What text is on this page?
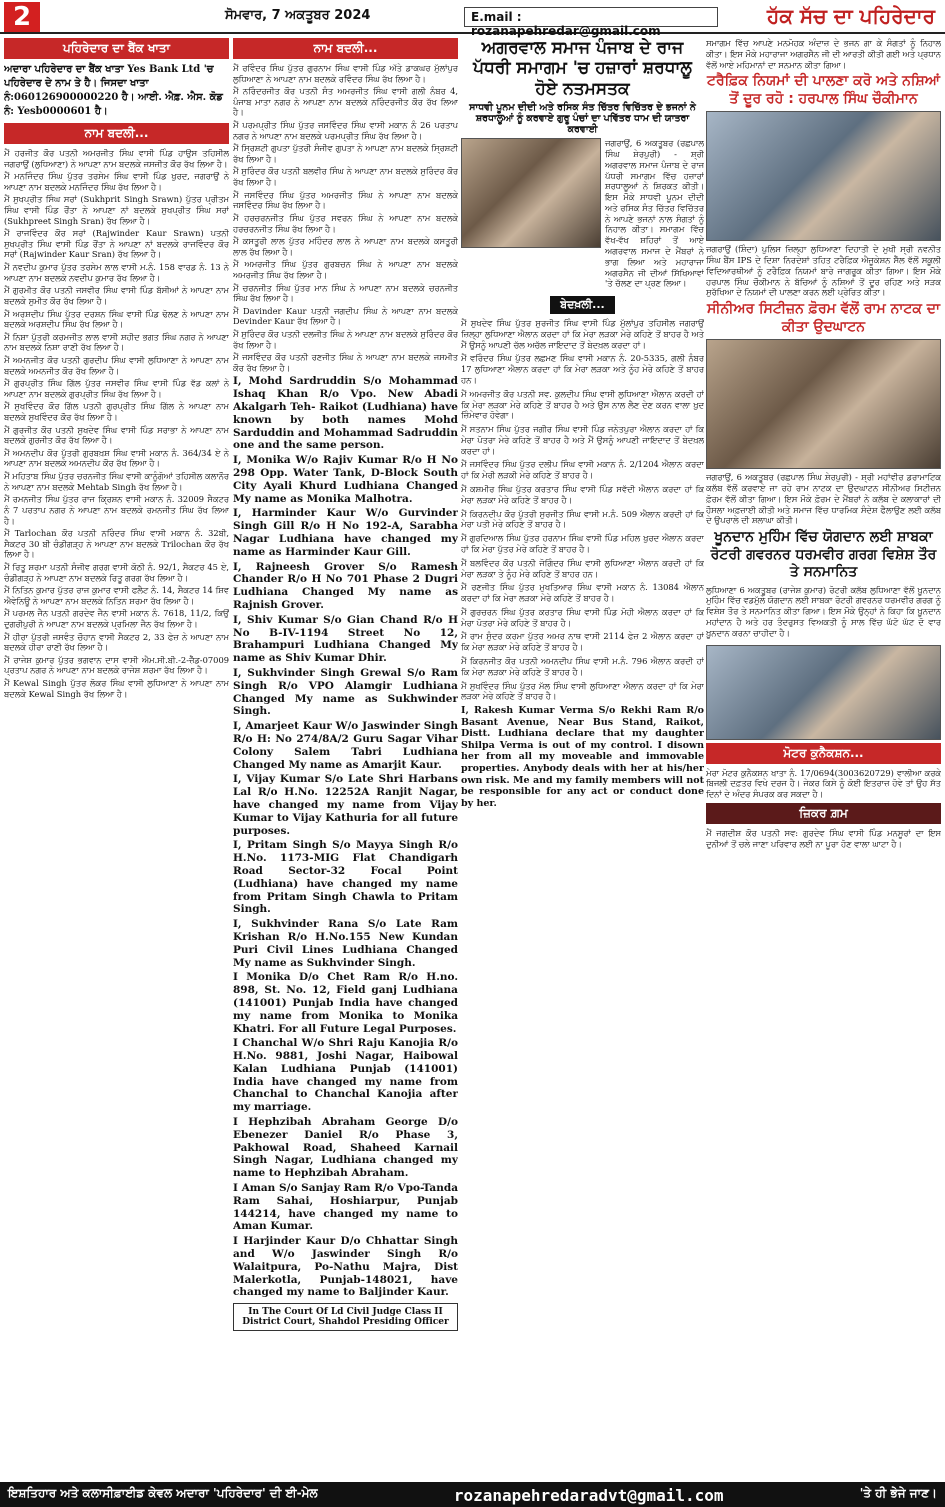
2	ਸੋਮਵਾਰ, 7 ਅਕਤੂਬਰ 2024	E.mail : rozanapehredar@gmail.com
ਹੱਕ ਸੱਚ ਦਾ ਪਹਿਰੇਦਾਰ
ਪਹਿਰੇਦਾਰ ਦਾ ਬੈਂਕ ਖਾਤਾ
ਅਦਾਰਾ ਪਹਿਰੇਦਾਰ ਦਾ ਬੈਂਕ ਖਾਤਾ Yes Bank Ltd 'ਚ ਪਹਿਰੇਦਾਰ ਦੇ ਨਾਮ ਤੇ ਹੈ। ਜਿਸਦਾ ਖਾਤਾ ਨੰ:060126900000220 ਹੈ। ਆਈ. ਐਫ਼. ਐਸ. ਕੋਡ ਨੰ: Yesb0000601 ਹੈ।
ਨਾਮ ਬਦਲੀ...
ਮੈਂ ਹਰਜੀਤ ਕੌਰ ਪਤਨੀ ਅਮਰਜੀਤ ਸਿੰਘ ਵਾਸੀ ਪਿੰਡ ਹਾਉਸ ਤਹਿਸੀਲ ਜਗਰਾਉਂ (ਲੁਧਿਆਣਾ) ਨੇ ਆਪਣਾ ਨਾਮ ਬਦਲਕੇ ਜਸਜੀਤ ਕੌਰ ਰੱਖ ਲਿਆ ਹੈ।
ਮੈਂ ਮਨਜਿੰਦਰ ਸਿੰਘ ਪੁੱਤਰ ਤਰਸੇਮ ਸਿੰਘ ਵਾਸੀ ਪਿੰਡ ਖੁਰਦ, ਜਗਰਾਉਂ ਨੇ ਆਪਣਾ ਨਾਮ ਬਦਲਕੇ ਮਨਜਿੰਦਰ ਸਿੰਘ ਰੱਖ ਲਿਆ ਹੈ।
ਮੈਂ ਸੁਖਪ੍ਰੀਤ ਸਿੰਘ ਸਰਾਂ (Sukhprit Singh Srawn) ਪੁੱਤਰ ਪ੍ਰੀਤਮ ਸਿੰਘ ਵਾਸੀ ਪਿੰਡ ਰੌਂਤਾ ਨੇ ਆਪਣਾ ਨਾਂ ਬਦਲਕੇ ਸੁਖਪ੍ਰੀਤ ਸਿੰਘ ਸਰਾਂ (Sukhpreet Singh Sran) ਰੱਖ ਲਿਆ ਹੈ।
ਮੈਂ ਰਾਜਵਿੰਦਰ ਕੌਰ ਸਰਾਂ (Rajwinder Kaur Srawn) ਪਤਨੀ ਸੁਖਪ੍ਰੀਤ ਸਿੰਘ ਵਾਸੀ ਪਿੰਡ ਰੌਂਤਾ ਨੇ ਆਪਣਾ ਨਾਂ ਬਦਲਕੇ ਰਾਜਵਿੰਦਰ ਕੌਰ ਸਰਾਂ (Rajwinder Kaur Sran) ਰੱਖ ਲਿਆ ਹੈ।
ਮੈਂ ਨਵਦੀਪ ਕੁਮਾਰ ਪੁੱਤਰ ਤਰਸੇਮ ਲਾਲ ਵਾਸੀ ਮ.ਨੰ. 158 ਵਾਰਡ ਨੰ. 13 ਨੇ ਆਪਣਾ ਨਾਮ ਬਦਲਕੇ ਨਵਦੀਪ ਕੁਮਾਰ ਰੱਖ ਲਿਆ ਹੈ।
ਮੈਂ ਗੁਰਮੀਤ ਕੌਰ ਪਤਨੀ ਜਸਵੀਰ ਸਿੰਘ ਵਾਸੀ ਪਿੰਡ ਬੱਸੀਆਂ ਨੇ ਆਪਣਾ ਨਾਮ ਬਦਲਕੇ ਸੁਮੀਤ ਕੌਰ ਰੱਖ ਲਿਆ ਹੈ।
ਮੈਂ ਅਰਸ਼ਦੀਪ ਸਿੰਘ ਪੁੱਤਰ ਦਰਸ਼ਨ ਸਿੰਘ ਵਾਸੀ ਪਿੰਡ ਢੋਲਣ ਨੇ ਆਪਣਾ ਨਾਮ ਬਦਲਕੇ ਅਰਸ਼ਦੀਪ ਸਿੰਘ ਰੱਖ ਲਿਆ ਹੈ।
ਮੈਂ ਨਿਸ਼ਾ ਪੁੱਤਰੀ ਕਰਮਜੀਤ ਲਾਲ ਵਾਸੀ ਸ਼ਹੀਦ ਭਗਤ ਸਿੰਘ ਨਗਰ ਨੇ ਆਪਣਾ ਨਾਮ ਬਦਲਕੇ ਨਿਸ਼ਾ ਰਾਣੀ ਰੱਖ ਲਿਆ ਹੈ।
ਮੈਂ ਅਮਨਜੀਤ ਕੌਰ ਪਤਨੀ ਗੁਰਦੀਪ ਸਿੰਘ ਵਾਸੀ ਲੁਧਿਆਣਾ ਨੇ ਆਪਣਾ ਨਾਮ ਬਦਲਕੇ ਅਮਨਜੀਤ ਕੌਰ ਰੱਖ ਲਿਆ ਹੈ।
ਮੈਂ ਗੁਰਪ੍ਰੀਤ ਸਿੰਘ ਗਿੱਲ ਪੁੱਤਰ ਜਸਵੀਰ ਸਿੰਘ ਵਾਸੀ ਪਿੰਡ ਵੱਡ ਕਲਾਂ ਨੇ ਆਪਣਾ ਨਾਮ ਬਦਲਕੇ ਗੁਰਪ੍ਰੀਤ ਸਿੰਘ ਰੱਖ ਲਿਆ ਹੈ।
ਮੈਂ ਸੁਖਵਿੰਦਰ ਕੌਰ ਗਿੱਲ ਪਤਨੀ ਗੁਰਪ੍ਰੀਤ ਸਿੰਘ ਗਿੱਲ ਨੇ ਆਪਣਾ ਨਾਮ ਬਦਲਕੇ ਸੁਖਵਿੰਦਰ ਕੌਰ ਰੱਖ ਲਿਆ ਹੈ।
ਮੈਂ ਗੁਰਜੀਤ ਕੌਰ ਪਤਨੀ ਸੁਖਦੇਵ ਸਿੰਘ ਵਾਸੀ ਪਿੰਡ ਸਰਾਭਾ ਨੇ ਆਪਣਾ ਨਾਮ ਬਦਲਕੇ ਗੁਰਜੀਤ ਕੌਰ ਰੱਖ ਲਿਆ ਹੈ।
ਮੈਂ ਅਮਨਦੀਪ ਕੌਰ ਪੁੱਤਰੀ ਗੁਰਬਖ਼ਸ਼ ਸਿੰਘ ਵਾਸੀ ਮਕਾਨ ਨੰ. 364/34 ਏ ਨੇ ਆਪਣਾ ਨਾਮ ਬਦਲਕੇ ਅਮਨਦੀਪ ਕੌਰ ਰੱਖ ਲਿਆ ਹੈ।
ਮੈਂ ਮਹਿਤਾਬ ਸਿੰਘ ਪੁੱਤਰ ਚਰਨਜੀਤ ਸਿੰਘ ਵਾਸੀ ਕਾਨੂੰਗੋਆਂ ਤਹਿਸੀਲ ਕਲਾਨੌਰ ਨੇ ਆਪਣਾ ਨਾਮ ਬਦਲਕੇ Mehtab Singh ਰੱਖ ਲਿਆ ਹੈ।
ਮੈਂ ਰਮਨਜੀਤ ਸਿੰਘ ਪੁੱਤਰ ਰਾਜ ਕ੍ਰਿਸ਼ਨ ਵਾਸੀ ਮਕਾਨ ਨੰ. 32009 ਸੈਕਟਰ ਨੰ 7 ਪਰਤਾਪ ਨਗਰ ਨੇ ਆਪਣਾ ਨਾਮ ਬਦਲਕੇ ਰਮਨਜੀਤ ਸਿੰਘ ਰੱਖ ਲਿਆ ਹੈ।
ਮੈਂ Tarlochan ਕੌਰ ਪਤਨੀ ਨਰਿੰਦਰ ਸਿੰਘ ਵਾਸੀ ਮਕਾਨ ਨੰ. 32ਬੀ, ਸੈਕਟਰ 30 ਬੀ ਚੰਡੀਗੜ੍ਹ ਨੇ ਆਪਣਾ ਨਾਮ ਬਦਲਕੇ Trilochan ਕੌਰ ਰੱਖ ਲਿਆ ਹੈ।
ਮੈਂ ਰਿਤੂ ਸ਼ਰਮਾ ਪਤਨੀ ਸੰਜੀਵ ਗਰਗ ਵਾਸੀ ਕੋਠੀ ਨੰ. 92/1, ਸੈਕਟਰ 45 ਏ, ਚੰਡੀਗੜ੍ਹ ਨੇ ਆਪਣਾ ਨਾਮ ਬਦਲਕੇ ਰਿਤੂ ਗਰਗ ਰੱਖ ਲਿਆ ਹੈ।
ਮੈਂ ਨਿਤਿਨ ਕੁਮਾਰ ਪੁੱਤਰ ਰਾਜ ਕੁਮਾਰ ਵਾਸੀ ਫਲੈਟ ਨੰ. 14, ਸੈਕਟਰ 14 ਸ਼ਿਵ ਐਵੇਨਿਊ ਨੇ ਆਪਣਾ ਨਾਮ ਬਦਲਕੇ ਨਿਤਿਨ ਸ਼ਰਮਾ ਰੱਖ ਲਿਆ ਹੈ।
ਮੈਂ ਪਰਮਲ ਜੈਨ ਪਤਨੀ ਗਰਦੇਵ ਜੈਨ ਵਾਸੀ ਮਕਾਨ ਨੰ. 7618, 11/2, ਕਿਉਂ ਦੁਗਰੀਪੁਰੀ ਨੇ ਆਪਣਾ ਨਾਮ ਬਦਲਕੇ ਪ੍ਰਮਿਲਾ ਜੈਨ ਰੱਖ ਲਿਆ ਹੈ।
ਮੈਂ ਹੀਰਾ ਪੁੱਤਰੀ ਜਸਵੰਤ ਚੌਹਾਨ ਵਾਸੀ ਸੈਕਟਰ 2, 33 ਫੇਜ਼ ਨੇ ਆਪਣਾ ਨਾਮ ਬਦਲਕੇ ਹੀਰਾ ਰਾਣੀ ਰੱਖ ਲਿਆ ਹੈ।
ਮੈਂ ਰਾਜੇਸ਼ ਕੁਮਾਰ ਪੁੱਤਰ ਭਗਵਾਨ ਦਾਸ ਵਾਸੀ ਐਮ.ਸੀ.ਬੀ.-2-ਜ਼ੈੱਡ-07009 ਪ੍ਰਤਾਪ ਨਗਰ ਨੇ ਆਪਣਾ ਨਾਮ ਬਦਲਕੇ ਰਾਜੇਸ਼ ਸ਼ਰਮਾ ਰੱਖ ਲਿਆ ਹੈ।
ਮੈਂ Kewal Singh ਪੁੱਤਰ ਲੋਕਰ ਸਿੰਘ ਵਾਸੀ ਲੁਧਿਆਣਾ ਨੇ ਆਪਣਾ ਨਾਮ ਬਦਲਕੇ Kewal Singh ਰੱਖ ਲਿਆ ਹੈ।
ਨਾਮ ਬਦਲੀ...
ਮੈਂ ਰਵਿੰਦਰ ਸਿੰਘ ਪੁੱਤਰ ਗੁਰਨਾਮ ਸਿੰਘ ਵਾਸੀ ਪਿੰਡ ਅੱਤੇ ਡਾਕਘਰ ਮੁੱਲਾਂਪੁਰ ਲੁਧਿਆਣਾ ਨੇ ਆਪਣਾ ਨਾਮ ਬਦਲਕੇ ਰਵਿੰਦਰ ਸਿੰਘ ਰੱਖ ਲਿਆ ਹੈ।
ਮੈਂ ਨਰਿੰਦਰਜੀਤ ਕੌਰ ਪਤਨੀ ਸੰਤ ਅਮਰਜੀਤ ਸਿੰਘ ਵਾਸੀ ਗਲੀ ਨੰਬਰ 4, ਪੰਜਾਬ ਮਾਤਾ ਨਗਰ ਨੇ ਆਪਣਾ ਨਾਮ ਬਦਲਕੇ ਨਰਿੰਦਰਜੀਤ ਕੌਰ ਰੱਖ ਲਿਆ ਹੈ।
ਮੈਂ ਪਰਮਪ੍ਰੀਤ ਸਿੰਘ ਪੁੱਤਰ ਜਸਵਿੰਦਰ ਸਿੰਘ ਵਾਸੀ ਮਕਾਨ ਨੰ 26 ਪਰਤਾਪ ਨਗਰ ਨੇ ਆਪਣਾ ਨਾਮ ਬਦਲਕੇ ਪਰਮਪ੍ਰੀਤ ਸਿੰਘ ਰੱਖ ਲਿਆ ਹੈ।
ਮੈਂ ਸ੍ਰਿਸ਼ਟੀ ਗੁਪਤਾ ਪੁੱਤਰੀ ਸੰਜੀਵ ਗੁਪਤਾ ਨੇ ਆਪਣਾ ਨਾਮ ਬਦਲਕੇ ਸ੍ਰਿਸ਼ਟੀ ਰੱਖ ਲਿਆ ਹੈ।
ਮੈਂ ਸੁਰਿੰਦਰ ਕੌਰ ਪਤਨੀ ਬਲਵੀਰ ਸਿੰਘ ਨੇ ਆਪਣਾ ਨਾਮ ਬਦਲਕੇ ਸੁਰਿੰਦਰ ਕੌਰ ਰੱਖ ਲਿਆ ਹੈ।
ਮੈਂ ਜਸਵਿੰਦਰ ਸਿੰਘ ਪੁੱਤਰ ਅਮਰਜੀਤ ਸਿੰਘ ਨੇ ਆਪਣਾ ਨਾਮ ਬਦਲਕੇ ਜਸਵਿੰਦਰ ਸਿੰਘ ਰੱਖ ਲਿਆ ਹੈ।
ਮੈਂ ਹਰਚਰਨਜੀਤ ਸਿੰਘ ਪੁੱਤਰ ਸਵਰਨ ਸਿੰਘ ਨੇ ਆਪਣਾ ਨਾਮ ਬਦਲਕੇ ਹਰਚਰਨਜੀਤ ਸਿੰਘ ਰੱਖ ਲਿਆ ਹੈ।
ਮੈਂ ਕਸਤੂਰੀ ਲਾਲ ਪੁੱਤਰ ਮਹਿੰਦਰ ਲਾਲ ਨੇ ਆਪਣਾ ਨਾਮ ਬਦਲਕੇ ਕਸਤੂਰੀ ਲਾਲ ਰੱਖ ਲਿਆ ਹੈ।
ਮੈਂ ਅਮਰਜੀਤ ਸਿੰਘ ਪੁੱਤਰ ਗੁਰਬਚਨ ਸਿੰਘ ਨੇ ਆਪਣਾ ਨਾਮ ਬਦਲਕੇ ਅਮਰਜੀਤ ਸਿੰਘ ਰੱਖ ਲਿਆ ਹੈ।
ਮੈਂ ਚਰਨਜੀਤ ਸਿੰਘ ਪੁੱਤਰ ਮਾਨ ਸਿੰਘ ਨੇ ਆਪਣਾ ਨਾਮ ਬਦਲਕੇ ਚਰਨਜੀਤ ਸਿੰਘ ਰੱਖ ਲਿਆ ਹੈ।
ਮੈਂ Davinder Kaur ਪਤਨੀ ਜਗਦੀਪ ਸਿੰਘ ਨੇ ਆਪਣਾ ਨਾਮ ਬਦਲਕੇ Devinder Kaur ਰੱਖ ਲਿਆ ਹੈ।
ਮੈਂ ਸੁਰਿੰਦਰ ਕੌਰ ਪਤਨੀ ਦਲਜੀਤ ਸਿੰਘ ਨੇ ਆਪਣਾ ਨਾਮ ਬਦਲਕੇ ਸੁਰਿੰਦਰ ਕੌਰ ਰੱਖ ਲਿਆ ਹੈ।
ਮੈਂ ਜਸਵਿੰਦਰ ਕੌਰ ਪਤਨੀ ਰਣਜੀਤ ਸਿੰਘ ਨੇ ਆਪਣਾ ਨਾਮ ਬਦਲਕੇ ਜਸਮੀਤ ਕੌਰ ਰੱਖ ਲਿਆ ਹੈ।
I, Mohd Sardruddin S/o Mohammad Ishaq Khan R/o Vpo. New Abadi Akalgarh Teh- Raikot (Ludhiana) have known by both names Mohd Sarduddin and Mohammad Sadruddin one and the same person.
I, Monika W/o Rajiv Kumar R/o H No 298 Opp. Water Tank, D-Block South City Ayali Khurd Ludhiana Changed My name as Monika Malhotra.
I, Harminder Kaur W/o Gurvinder Singh Gill R/o H No 192-A, Sarabha Nagar Ludhiana have changed my name as Harminder Kaur Gill.
I, Rajneesh Grover S/o Ramesh Chander R/o H No 701 Phase 2 Dugri Ludhiana Changed My name as Rajnish Grover.
I, Shiv Kumar S/o Gian Chand R/o H No B-IV-1194 Street No 12, Brahampuri Ludhiana Changed My name as Shiv Kumar Dhir.
I, Sukhvinder Singh Grewal S/o Ram Singh R/o VPO Alamgir Ludhiana Changed My name as Sukhwinder Singh.
I, Amarjeet Kaur W/o Jaswinder Singh R/o H: No 274/8A/2 Guru Sagar Vihar Colony Salem Tabri Ludhiana Changed My name as Amarjit Kaur.
I, Vijay Kumar S/o Late Shri Harbans Lal R/o H.No. 12252A Ranjit Nagar, have changed my name from Vijay Kumar to Vijay Kathuria for all future purposes.
I, Pritam Singh S/o Mayya Singh R/o H.No. 1173-MIG Flat Chandigarh Road Sector-32 Focal Point (Ludhiana) have changed my name from Pritam Singh Chawla to Pritam Singh.
I, Sukhvinder Rana S/o Late Ram Krishan R/o H.No.155 New Kundan Puri Civil Lines Ludhiana Changed My name as Sukhvinder Singh.
I Monika D/o Chet Ram R/o H.no. 898, St. No. 12, Field ganj Ludhiana (141001) Punjab India have changed my name from Monika to Monika Khatri. For all Future Legal Purposes.
I Chanchal W/o Shri Raju Kanojia R/o H.No. 9881, Joshi Nagar, Haibowal Kalan Ludhiana Punjab (141001) India have changed my name from Chanchal to Chanchal Kanojia after my marriage.
I Hephzibah Abraham George D/o Ebenezer Daniel R/o Phase 3, Pakhowal Road, Shaheed Karnail Singh Nagar, Ludhiana changed my name to Hephzibah Abraham.
I Aman S/o Sanjay Ram R/o Vpo-Tanda Ram Sahai, Hoshiarpur, Punjab 144214, have changed my name to Aman Kumar.
I Harjinder Kaur D/o Chhattar Singh and W/o Jaswinder Singh R/o Walaitpura, Po-Nathu Majra, Dist Malerkotla, Punjab-148021, have changed my name to Baljinder Kaur.
In The Court Of Ld Civil Judge Class II District Court, Shahdol Presiding Officer
ਅਗਰਵਾਲ ਸਮਾਜ ਪੰਜਾਬ ਦੇ ਰਾਜ ਪੱਧਰੀ ਸਮਾਗਮ 'ਚ ਹਜ਼ਾਰਾਂ ਸ਼ਰਧਾਲੂ ਹੋਏ ਨਤਮਸਤਕ
ਸਾਧਵੀ ਪੂਨਮ ਦੀਦੀ ਅਤੇ ਰਸਿਕ ਸੰਤ ਚਿੱਤਰ ਵਿਚਿੱਤਰ ਦੇ ਭਜਨਾਂ ਨੇ ਸ਼ਰਧਾਲੂਆਂ ਨੂੰ ਕਰਵਾਏ ਗੁਰੂ ਪੰਚਾਂ ਦਾ ਪਵਿੱਤਰ ਧਾਮ ਦੀ ਯਾਤਰਾ ਕਰਵਾਈ
ਜਗਰਾਉਂ, 6 ਅਕਤੂਬਰ (ਰਛਪਾਲ ਸਿੰਘ ਸ਼ੇਰਪੁਰੀ) - ਸ਼੍ਰੀ ਅਗਰਵਾਲ ਸਮਾਜ ਪੰਜਾਬ ਦੇ ਰਾਜ ਪੱਧਰੀ ਸਮਾਗਮ ਵਿੱਚ ਹਜ਼ਾਰਾਂ ਸ਼ਰਧਾਲੂਆਂ ਨੇ ਸ਼ਿਰਕਤ ਕੀਤੀ। ਇਸ ਮੌਕੇ ਸਾਧਵੀ ਪੂਨਮ ਦੀਦੀ ਅਤੇ ਰਸਿਕ ਸੰਤ ਚਿੱਤਰ ਵਿਚਿੱਤਰ ਨੇ ਆਪਣੇ ਭਜਨਾਂ ਨਾਲ ਸੰਗਤਾਂ ਨੂੰ ਨਿਹਾਲ ਕੀਤਾ। ਸਮਾਗਮ ਵਿੱਚ ਵੱਖ-ਵੱਖ ਸ਼ਹਿਰਾਂ ਤੋਂ ਆਏ ਅਗਰਵਾਲ ਸਮਾਜ ਦੇ ਮੈਂਬਰਾਂ ਨੇ ਭਾਗ ਲਿਆ ਅਤੇ ਮਹਾਰਾਜਾ ਅਗਰਸੈਨ ਜੀ ਦੀਆਂ ਸਿੱਖਿਆਵਾਂ 'ਤੇ ਚੱਲਣ ਦਾ ਪ੍ਰਣ ਲਿਆ।
ਬੇਦਖ਼ਲੀ...
ਮੈਂ ਸੁਖਦੇਵ ਸਿੰਘ ਪੁੱਤਰ ਸੁਰਜੀਤ ਸਿੰਘ ਵਾਸੀ ਪਿੰਡ ਮੁੱਲਾਂਪੁਰ ਤਹਿਸੀਲ ਜਗਰਾਉਂ ਜ਼ਿਲ੍ਹਾ ਲੁਧਿਆਣਾ ਐਲਾਨ ਕਰਦਾ ਹਾਂ ਕਿ ਮੇਰਾ ਲੜਕਾ ਮੇਰੇ ਕਹਿਣੇ ਤੋਂ ਬਾਹਰ ਹੈ ਅਤੇ ਮੈਂ ਉਸਨੂੰ ਆਪਣੀ ਚੱਲ ਅਚੱਲ ਜਾਇਦਾਦ ਤੋਂ ਬੇਦਖ਼ਲ ਕਰਦਾ ਹਾਂ।
ਮੈਂ ਵਰਿੰਦਰ ਸਿੰਘ ਪੁੱਤਰ ਲਛਮਣ ਸਿੰਘ ਵਾਸੀ ਮਕਾਨ ਨੰ. 20-5335, ਗਲੀ ਨੰਬਰ 17 ਲੁਧਿਆਣਾ ਐਲਾਨ ਕਰਦਾ ਹਾਂ ਕਿ ਮੇਰਾ ਲੜਕਾ ਅਤੇ ਨੂੰਹ ਮੇਰੇ ਕਹਿਣੇ ਤੋਂ ਬਾਹਰ ਹਨ।
ਮੈਂ ਅਮਰਜੀਤ ਕੌਰ ਪਤਨੀ ਸਵ. ਕੁਲਦੀਪ ਸਿੰਘ ਵਾਸੀ ਲੁਧਿਆਣਾ ਐਲਾਨ ਕਰਦੀ ਹਾਂ ਕਿ ਮੇਰਾ ਲੜਕਾ ਮੇਰੇ ਕਹਿਣੇ ਤੋਂ ਬਾਹਰ ਹੈ ਅਤੇ ਉਸ ਨਾਲ ਲੈਣ ਦੇਣ ਕਰਨ ਵਾਲਾ ਖ਼ੁਦ ਜ਼ਿੰਮੇਵਾਰ ਹੋਵੇਗਾ।
ਮੈਂ ਸਤਨਾਮ ਸਿੰਘ ਪੁੱਤਰ ਜਗੀਰ ਸਿੰਘ ਵਾਸੀ ਪਿੰਡ ਜਨੇਤਪੁਰਾ ਐਲਾਨ ਕਰਦਾ ਹਾਂ ਕਿ ਮੇਰਾ ਪੋਤਰਾ ਮੇਰੇ ਕਹਿਣੇ ਤੋਂ ਬਾਹਰ ਹੈ ਅਤੇ ਮੈਂ ਉਸਨੂੰ ਆਪਣੀ ਜਾਇਦਾਦ ਤੋਂ ਬੇਦਖ਼ਲ ਕਰਦਾ ਹਾਂ।
ਮੈਂ ਜਸਵਿੰਦਰ ਸਿੰਘ ਪੁੱਤਰ ਦਲੀਪ ਸਿੰਘ ਵਾਸੀ ਮਕਾਨ ਨੰ. 2/1204 ਐਲਾਨ ਕਰਦਾ ਹਾਂ ਕਿ ਮੇਰੀ ਲੜਕੀ ਮੇਰੇ ਕਹਿਣੇ ਤੋਂ ਬਾਹਰ ਹੈ।
ਮੈਂ ਕਸ਼ਮੀਰ ਸਿੰਘ ਪੁੱਤਰ ਕਰਤਾਰ ਸਿੰਘ ਵਾਸੀ ਪਿੰਡ ਸਵੱਦੀ ਐਲਾਨ ਕਰਦਾ ਹਾਂ ਕਿ ਮੇਰਾ ਲੜਕਾ ਮੇਰੇ ਕਹਿਣੇ ਤੋਂ ਬਾਹਰ ਹੈ।
ਮੈਂ ਕਿਰਨਦੀਪ ਕੌਰ ਪੁੱਤਰੀ ਸੁਰਜੀਤ ਸਿੰਘ ਵਾਸੀ ਮ.ਨੰ. 509 ਐਲਾਨ ਕਰਦੀ ਹਾਂ ਕਿ ਮੇਰਾ ਪਤੀ ਮੇਰੇ ਕਹਿਣੇ ਤੋਂ ਬਾਹਰ ਹੈ।
ਮੈਂ ਗੁਰਦਿਆਲ ਸਿੰਘ ਪੁੱਤਰ ਹਰਨਾਮ ਸਿੰਘ ਵਾਸੀ ਪਿੰਡ ਮਹਿਲ ਖੁਰਦ ਐਲਾਨ ਕਰਦਾ ਹਾਂ ਕਿ ਮੇਰਾ ਪੁੱਤਰ ਮੇਰੇ ਕਹਿਣੇ ਤੋਂ ਬਾਹਰ ਹੈ।
ਮੈਂ ਬਲਵਿੰਦਰ ਕੌਰ ਪਤਨੀ ਜੋਗਿੰਦਰ ਸਿੰਘ ਵਾਸੀ ਲੁਧਿਆਣਾ ਐਲਾਨ ਕਰਦੀ ਹਾਂ ਕਿ ਮੇਰਾ ਲੜਕਾ ਤੇ ਨੂੰਹ ਮੇਰੇ ਕਹਿਣੇ ਤੋਂ ਬਾਹਰ ਹਨ।
ਮੈਂ ਰਣਜੀਤ ਸਿੰਘ ਪੁੱਤਰ ਮੁਖਤਿਆਰ ਸਿੰਘ ਵਾਸੀ ਮਕਾਨ ਨੰ. 13084 ਐਲਾਨ ਕਰਦਾ ਹਾਂ ਕਿ ਮੇਰਾ ਲੜਕਾ ਮੇਰੇ ਕਹਿਣੇ ਤੋਂ ਬਾਹਰ ਹੈ।
ਮੈਂ ਗੁਰਚਰਨ ਸਿੰਘ ਪੁੱਤਰ ਕਰਤਾਰ ਸਿੰਘ ਵਾਸੀ ਪਿੰਡ ਮੋਹੀ ਐਲਾਨ ਕਰਦਾ ਹਾਂ ਕਿ ਮੇਰਾ ਪੋਤਰਾ ਮੇਰੇ ਕਹਿਣੇ ਤੋਂ ਬਾਹਰ ਹੈ।
ਮੈਂ ਰਾਮ ਸੁੰਦਰ ਕਰਮਾ ਪੁੱਤਰ ਅਮਰ ਨਾਥ ਵਾਸੀ 2114 ਫੇਜ਼ 2 ਐਲਾਨ ਕਰਦਾ ਹਾਂ ਕਿ ਮੇਰਾ ਲੜਕਾ ਮੇਰੇ ਕਹਿਣੇ ਤੋਂ ਬਾਹਰ ਹੈ।
ਮੈਂ ਕਿਰਨਜੀਤ ਕੌਰ ਪਤਨੀ ਅਮਨਦੀਪ ਸਿੰਘ ਵਾਸੀ ਮ.ਨੰ. 796 ਐਲਾਨ ਕਰਦੀ ਹਾਂ ਕਿ ਮੇਰਾ ਲੜਕਾ ਮੇਰੇ ਕਹਿਣੇ ਤੋਂ ਬਾਹਰ ਹੈ।
ਮੈਂ ਸੁਖਵਿੰਦਰ ਸਿੰਘ ਪੁੱਤਰ ਮੱਲ ਸਿੰਘ ਵਾਸੀ ਲੁਧਿਆਣਾ ਐਲਾਨ ਕਰਦਾ ਹਾਂ ਕਿ ਮੇਰਾ ਲੜਕਾ ਮੇਰੇ ਕਹਿਣੇ ਤੋਂ ਬਾਹਰ ਹੈ।
I, Rakesh Kumar Verma S/o Rekhi Ram R/o Basant Avenue, Near Bus Stand, Raikot, Distt. Ludhiana declare that my daughter Shilpa Verma is out of my control. I disown her from all my moveable and immovable properties. Anybody deals with her at his/her own risk. Me and my family members will not be responsible for any act or conduct done by her.
ਸਮਾਗਮ ਵਿੱਚ ਆਪਣੇ ਮਨਮੋਹਕ ਅੰਦਾਜ਼ ਦੇ ਭਜਨ ਗਾ ਕੇ ਸੰਗਤਾਂ ਨੂੰ ਨਿਹਾਲ ਕੀਤਾ। ਇਸ ਮੌਕੇ ਮਹਾਰਾਜਾ ਅਗਰਸੈਨ ਜੀ ਦੀ ਆਰਤੀ ਕੀਤੀ ਗਈ ਅਤੇ ਪ੍ਰਧਾਨ ਵੱਲੋਂ ਆਏ ਮਹਿਮਾਨਾਂ ਦਾ ਸਨਮਾਨ ਕੀਤਾ ਗਿਆ।
ਟਰੈਫ਼ਿਕ ਨਿਯਮਾਂ ਦੀ ਪਾਲਣਾ ਕਰੋ ਅਤੇ ਨਸ਼ਿਆਂ ਤੋਂ ਦੂਰ ਰਹੋ : ਹਰਪਾਲ ਸਿੰਘ ਚੌਕੀਮਾਨ
ਜਗਰਾਉਂ (ਸ਼ਿੰਦਾ) ਪੁਲਿਸ ਜ਼ਿਲ੍ਹਾ ਲੁਧਿਆਣਾ ਦਿਹਾਤੀ ਦੇ ਮੁਖੀ ਸ੍ਰੀ ਨਵਨੀਤ ਸਿੰਘ ਬੈਂਸ IPS ਦੇ ਦਿਸ਼ਾ ਨਿਰਦੇਸ਼ਾਂ ਤਹਿਤ ਟਰੈਫ਼ਿਕ ਐਜੂਕੇਸ਼ਨ ਸੈੱਲ ਵੱਲੋਂ ਸਕੂਲੀ ਵਿਦਿਆਰਥੀਆਂ ਨੂੰ ਟਰੈਫ਼ਿਕ ਨਿਯਮਾਂ ਬਾਰੇ ਜਾਗਰੂਕ ਕੀਤਾ ਗਿਆ। ਇਸ ਮੌਕੇ ਹਰਪਾਲ ਸਿੰਘ ਚੌਕੀਮਾਨ ਨੇ ਬੱਚਿਆਂ ਨੂੰ ਨਸ਼ਿਆਂ ਤੋਂ ਦੂਰ ਰਹਿਣ ਅਤੇ ਸੜਕ ਸੁਰੱਖਿਆ ਦੇ ਨਿਯਮਾਂ ਦੀ ਪਾਲਣਾ ਕਰਨ ਲਈ ਪ੍ਰੇਰਿਤ ਕੀਤਾ।
ਸੀਨੀਅਰ ਸਿਟੀਜ਼ਨ ਫ਼ੋਰਮ ਵੱਲੋਂ ਰਾਮ ਨਾਟਕ ਦਾ ਕੀਤਾ ਉਦਘਾਟਨ
ਜਗਰਾਉਂ, 6 ਅਕਤੂਬਰ (ਰਛਪਾਲ ਸਿੰਘ ਸ਼ੇਰਪੁਰੀ) - ਸ਼੍ਰੀ ਮਹਾਂਵੀਰ ਡਰਾਮਾਟਿਕ ਕਲੱਬ ਵੱਲੋਂ ਕਰਵਾਏ ਜਾ ਰਹੇ ਰਾਮ ਨਾਟਕ ਦਾ ਉਦਘਾਟਨ ਸੀਨੀਅਰ ਸਿਟੀਜ਼ਨ ਫ਼ੋਰਮ ਵੱਲੋਂ ਕੀਤਾ ਗਿਆ। ਇਸ ਮੌਕੇ ਫ਼ੋਰਮ ਦੇ ਮੈਂਬਰਾਂ ਨੇ ਕਲੱਬ ਦੇ ਕਲਾਕਾਰਾਂ ਦੀ ਹੌਸਲਾ ਅਫ਼ਜ਼ਾਈ ਕੀਤੀ ਅਤੇ ਸਮਾਜ ਵਿੱਚ ਧਾਰਮਿਕ ਸੰਦੇਸ਼ ਫੈਲਾਉਣ ਲਈ ਕਲੱਬ ਦੇ ਉਪਰਾਲੇ ਦੀ ਸ਼ਲਾਘਾ ਕੀਤੀ।
ਖੂਨਦਾਨ ਮੁਹਿੰਮ ਵਿੱਚ ਯੋਗਦਾਨ ਲਈ ਸ਼ਾਬਕਾ ਰੋਟਰੀ ਗਵਰਨਰ ਧਰਮਵੀਰ ਗਰਗ ਵਿਸ਼ੇਸ਼ ਤੌਰ ਤੇ ਸਨਮਾਨਿਤ
ਲੁਧਿਆਣਾ 6 ਅਕਤੂਬਰ (ਰਾਜੇਸ਼ ਕੁਮਾਰ) ਰੋਟਰੀ ਕਲੱਬ ਲੁਧਿਆਣਾ ਵੱਲੋਂ ਖ਼ੂਨਦਾਨ ਮੁਹਿੰਮ ਵਿੱਚ ਵਡਮੁੱਲੇ ਯੋਗਦਾਨ ਲਈ ਸਾਬਕਾ ਰੋਟਰੀ ਗਵਰਨਰ ਧਰਮਵੀਰ ਗਰਗ ਨੂੰ ਵਿਸ਼ੇਸ਼ ਤੌਰ ਤੇ ਸਨਮਾਨਿਤ ਕੀਤਾ ਗਿਆ। ਇਸ ਮੌਕੇ ਉਨ੍ਹਾਂ ਨੇ ਕਿਹਾ ਕਿ ਖ਼ੂਨਦਾਨ ਮਹਾਂਦਾਨ ਹੈ ਅਤੇ ਹਰ ਤੰਦਰੁਸਤ ਵਿਅਕਤੀ ਨੂੰ ਸਾਲ ਵਿੱਚ ਘੱਟੋ ਘੱਟ ਦੋ ਵਾਰ ਖ਼ੂਨਦਾਨ ਕਰਨਾ ਚਾਹੀਦਾ ਹੈ।
ਮੋਟਰ ਕੁਨੈਕਸ਼ਨ...
ਮੇਰਾ ਮੋਟਰ ਕੁਨੈਕਸ਼ਨ ਖਾਤਾ ਨੰ. 17/0694(3003620729) ਵਾਲੀਆ ਕਰਕੇ ਬਿਜਲੀ ਦਫ਼ਤਰ ਵਿਖੇ ਦਰਜ ਹੈ। ਜੇਕਰ ਕਿਸੇ ਨੂੰ ਕੋਈ ਇਤਰਾਜ਼ ਹੋਵੇ ਤਾਂ ਉਹ ਸੱਤ ਦਿਨਾਂ ਦੇ ਅੰਦਰ ਸੰਪਰਕ ਕਰ ਸਕਦਾ ਹੈ।
ਜ਼ਿਕਰ ਗ਼ਮ
ਮੈਂ ਜਗਦੀਸ਼ ਕੌਰ ਪਤਨੀ ਸਵ: ਗੁਰਦੇਵ ਸਿੰਘ ਵਾਸੀ ਪਿੰਡ ਮਨਸੂਰਾਂ ਦਾ ਇਸ ਦੁਨੀਆਂ ਤੋਂ ਚਲੇ ਜਾਣਾ ਪਰਿਵਾਰ ਲਈ ਨਾ ਪੂਰਾ ਹੋਣ ਵਾਲਾ ਘਾਟਾ ਹੈ।
ਇਸ਼ਤਿਹਾਰ ਅਤੇ ਕਲਾਸੀਫ਼ਾਈਡ ਕੇਵਲ ਅਦਾਰਾ 'ਪਹਿਰੇਦਾਰ' ਦੀ ਈ-ਮੇਲ	rozanapehredaradvt@gmail.com	'ਤੇ ਹੀ ਭੇਜੇ ਜਾਣ।
